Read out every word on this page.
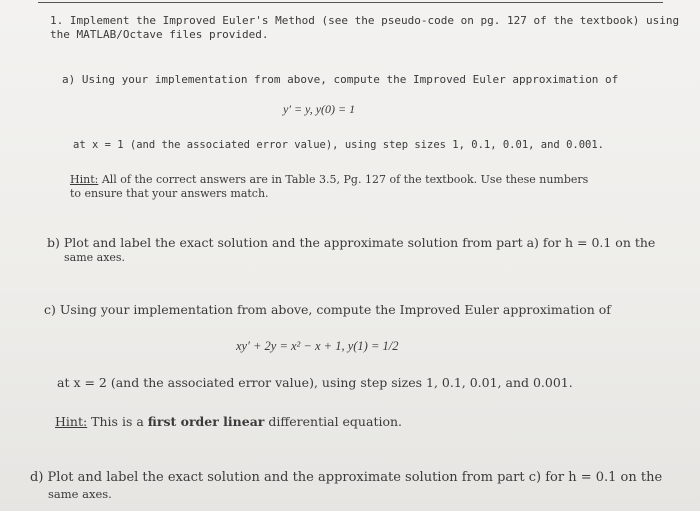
1. Implement the Improved Euler's Method (see the pseudo-code on pg. 127 of the textbook) using
the MATLAB/Octave files provided.
a) Using your implementation from above, compute the Improved Euler approximation of
y′ = y, y(0) = 1
at x = 1 (and the associated error value), using step sizes 1, 0.1, 0.01, and 0.001.
Hint: All of the correct answers are in Table 3.5, Pg. 127 of the textbook. Use these numbers
to ensure that your answers match.
b) Plot and label the exact solution and the approximate solution from part a) for h = 0.1 on the
same axes.
c) Using your implementation from above, compute the Improved Euler approximation of
xy′ + 2y = x² − x + 1, y(1) = 1/2
at x = 2 (and the associated error value), using step sizes 1, 0.1, 0.01, and 0.001.
Hint: This is a first order linear differential equation.
d) Plot and label the exact solution and the approximate solution from part c) for h = 0.1 on the
same axes.
